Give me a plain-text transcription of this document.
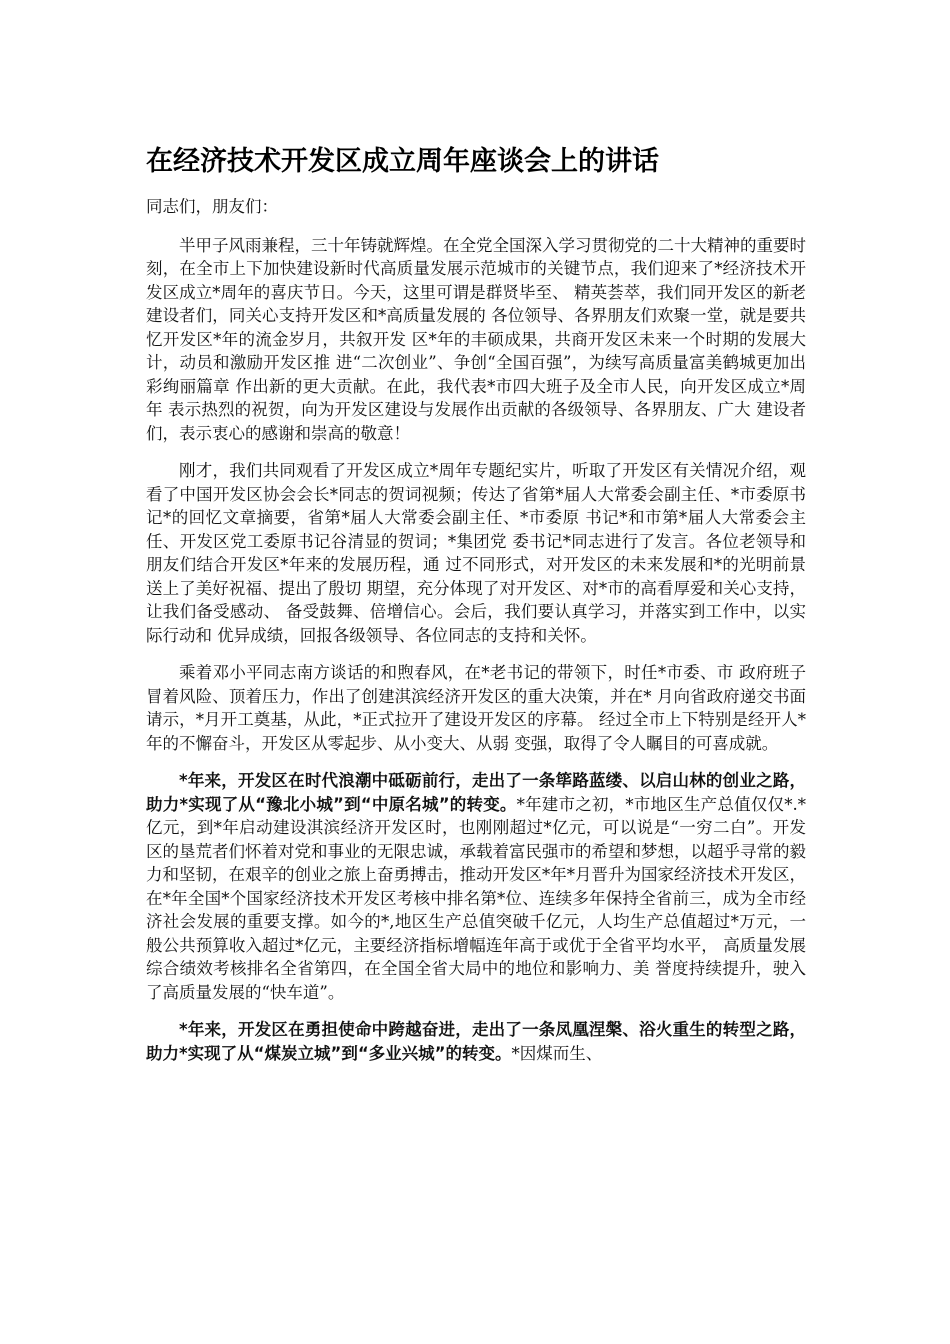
在经济技术开发区成立周年座谈会上的讲话

同志们，朋友们：

半甲子风雨兼程，三十年铸就辉煌。在全党全国深入学习贯彻党的二十大精神的重要时刻，在全市上下加快建设新时代高质量发展示范城市的关键节点，我们迎来了*经济技术开发区成立*周年的喜庆节日。今天，这里可谓是群贤毕至、 精英荟萃，我们同开发区的新老建设者们，同关心支持开发区和*高质量发展的 各位领导、各界朋友们欢聚一堂，就是要共忆开发区*年的流金岁月，共叙开发 区*年的丰硕成果，共商开发区未来一个时期的发展大计，动员和激励开发区推 进“二次创业”、争创“全国百强”，为续写高质量富美鹤城更加出彩绚丽篇章 作出新的更大贡献。在此，我代表*市四大班子及全市人民，向开发区成立*周年 表示热烈的祝贺，向为开发区建设与发展作出贡献的各级领导、各界朋友、广大 建设者们，表示衷心的感谢和崇高的敬意！

刚才，我们共同观看了开发区成立*周年专题纪实片，听取了开发区有关情况介绍，观看了中国开发区协会会长*同志的贺词视频；传达了省第*届人大常委会副主任、*市委原书记*的回忆文章摘要，省第*届人大常委会副主任、*市委原 书记*和市第*届人大常委会主任、开发区党工委原书记谷清显的贺词；*集团党 委书记*同志进行了发言。各位老领导和朋友们结合开发区*年来的发展历程，通 过不同形式，对开发区的未来发展和*的光明前景送上了美好祝福、提出了殷切 期望，充分体现了对开发区、对*市的高看厚爱和关心支持，让我们备受感动、 备受鼓舞、倍增信心。会后，我们要认真学习，并落实到工作中，以实际行动和 优异成绩，回报各级领导、各位同志的支持和关怀。

乘着邓小平同志南方谈话的和煦春风，在*老书记的带领下，时任*市委、市 政府班子冒着风险、顶着压力，作出了创建淇滨经济开发区的重大决策，并在* 月向省政府递交书面请示，*月开工奠基，从此，*正式拉开了建设开发区的序幕。 经过全市上下特别是经开人*年的不懈奋斗，开发区从零起步、从小变大、从弱 变强，取得了令人瞩目的可喜成就。

*年来，开发区在时代浪潮中砥砺前行，走出了一条筚路蓝缕、以启山林的创业之路，助力*实现了从“豫北小城”到“中原名城”的转变。*年建市之初，*市地区生产总值仅仅*.*亿元，到*年启动建设淇滨经济开发区时，也刚刚超过*亿元，可以说是“一穷二白”。开发区的垦荒者们怀着对党和事业的无限忠诚，承载着富民强市的希望和梦想，以超乎寻常的毅力和坚韧，在艰辛的创业之旅上奋勇搏击，推动开发区*年*月晋升为国家经济技术开发区，在*年全国*个国家经济技术开发区考核中排名第*位、连续多年保持全省前三，成为全市经济社会发展的重要支撑。如今的*,地区生产总值突破千亿元，人均生产总值超过*万元，一般公共预算收入超过*亿元，主要经济指标增幅连年高于或优于全省平均水平， 高质量发展综合绩效考核排名全省第四，在全国全省大局中的地位和影响力、美 誉度持续提升，驶入了高质量发展的“快车道”。

*年来，开发区在勇担使命中跨越奋进，走出了一条凤凰涅槃、浴火重生的转型之路，助力*实现了从“煤炭立城”到“多业兴城”的转变。*因煤而生、
